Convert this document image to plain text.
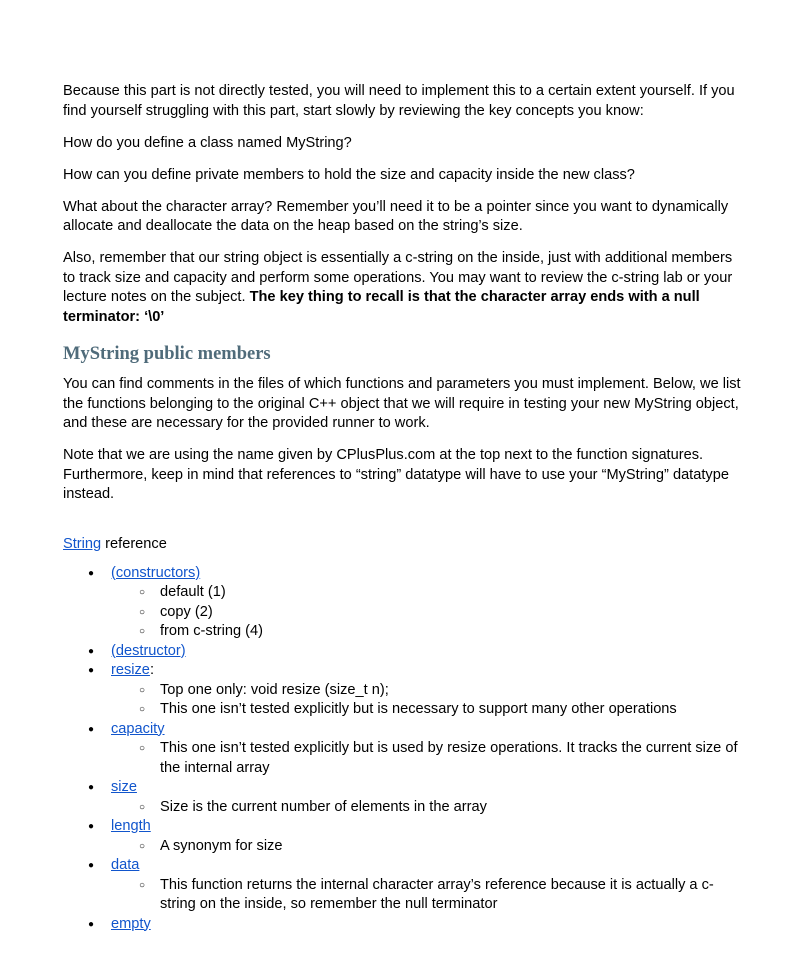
Because this part is not directly tested, you will need to implement this to a certain extent yourself. If you find yourself struggling with this part, start slowly by reviewing the key concepts you know:

How do you define a class named MyString?

How can you define private members to hold the size and capacity inside the new class?

What about the character array? Remember you’ll need it to be a pointer since you want to dynamically allocate and deallocate the data on the heap based on the string’s size.

Also, remember that our string object is essentially a c-string on the inside, just with additional members to track size and capacity and perform some operations. You may want to review the c-string lab or your lecture notes on the subject. The key thing to recall is that the character array ends with a null terminator: ‘\0’

MyString public members

You can find comments in the files of which functions and parameters you must implement. Below, we list the functions belonging to the original C++ object that we will require in testing your new MyString object, and these are necessary for the provided runner to work.

Note that we are using the name given by CPlusPlus.com at the top next to the function signatures. Furthermore, keep in mind that references to “string” datatype will have to use your “MyString” datatype instead.

String reference

● (constructors)
○ default (1)
○ copy (2)
○ from c-string (4)
● (destructor)
● resize:
○ Top one only: void resize (size_t n);
○ This one isn’t tested explicitly but is necessary to support many other operations
● capacity
○ This one isn’t tested explicitly but is used by resize operations. It tracks the current size of the internal array
● size
○ Size is the current number of elements in the array
● length
○ A synonym for size
● data
○ This function returns the internal character array’s reference because it is actually a c-string on the inside, so remember the null terminator
● empty
